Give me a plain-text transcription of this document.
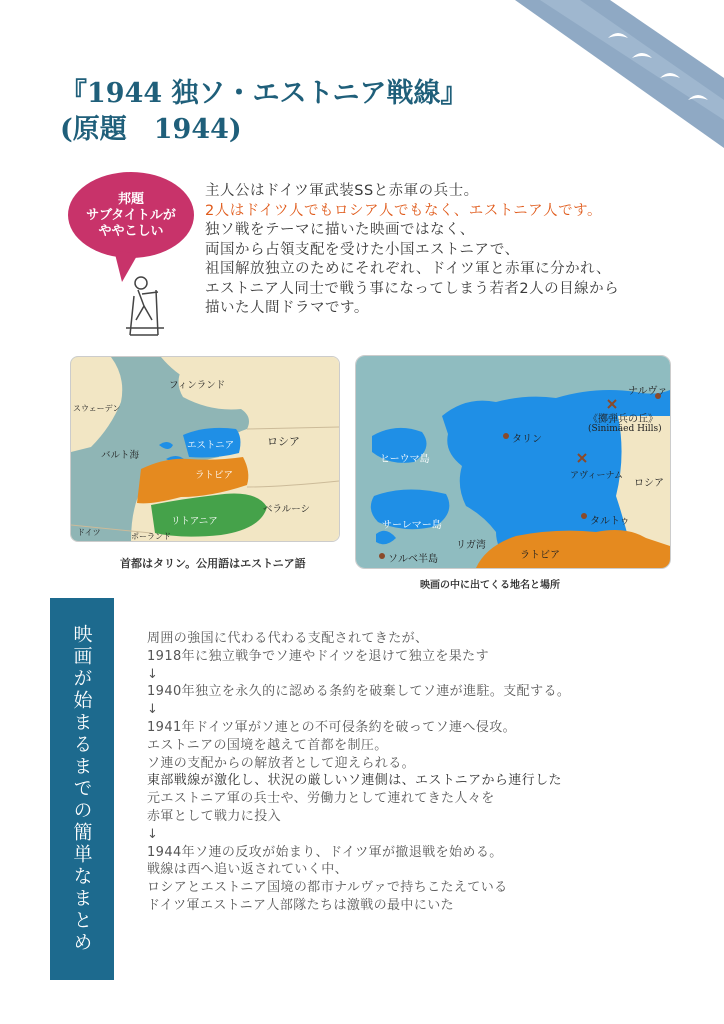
『1944 独ソ・エストニア戦線』
(原題　1944)
邦題
サブタイトルが
ややこしい
主人公はドイツ軍武装SSと赤軍の兵士。
2人はドイツ人でもロシア人でもなく、エストニア人です。
独ソ戦をテーマに描いた映画ではなく、
両国から占領支配を受けた小国エストニアで、
祖国解放独立のためにそれぞれ、ドイツ軍と赤軍に分かれ、
エストニア人同士で戦う事になってしまう若者2人の目線から
描いた人間ドラマです。
フィンランド
スウェーデン
エストニア	ロシア
バルト海
ラトビア
リトアニア
ベラルーシ
ドイツ	ポーランド
首都はタリン。公用語はエストニア語
ナルヴァ
《擲弾兵の丘》
(Sinimäed Hills)
タリン
ヒーウマ島
アヴィーナム
ロシア
サーレマー島	タルトゥ
ソルベ半島
リガ湾
ラトビア
映画の中に出てくる地名と場所
映画が始まるまでの簡単なまとめ	周囲の強国に代わる代わる支配されてきたが、
1918年に独立戦争でソ連やドイツを退けて独立を果たす
↓
1940年独立を永久的に認める条約を破棄してソ連が進駐。支配する。
↓
1941年ドイツ軍がソ連との不可侵条約を破ってソ連へ侵攻。
エストニアの国境を越えて首都を制圧。
ソ連の支配からの解放者として迎えられる。
東部戦線が激化し、状況の厳しいソ連側は、エストニアから連行した
元エストニア軍の兵士や、労働力として連れてきた人々を
赤軍として戦力に投入
↓
1944年ソ連の反攻が始まり、ドイツ軍が撤退戦を始める。
戦線は西へ追い返されていく中、
ロシアとエストニア国境の都市ナルヴァで持ちこたえている
ドイツ軍エストニア人部隊たちは激戦の最中にいた
